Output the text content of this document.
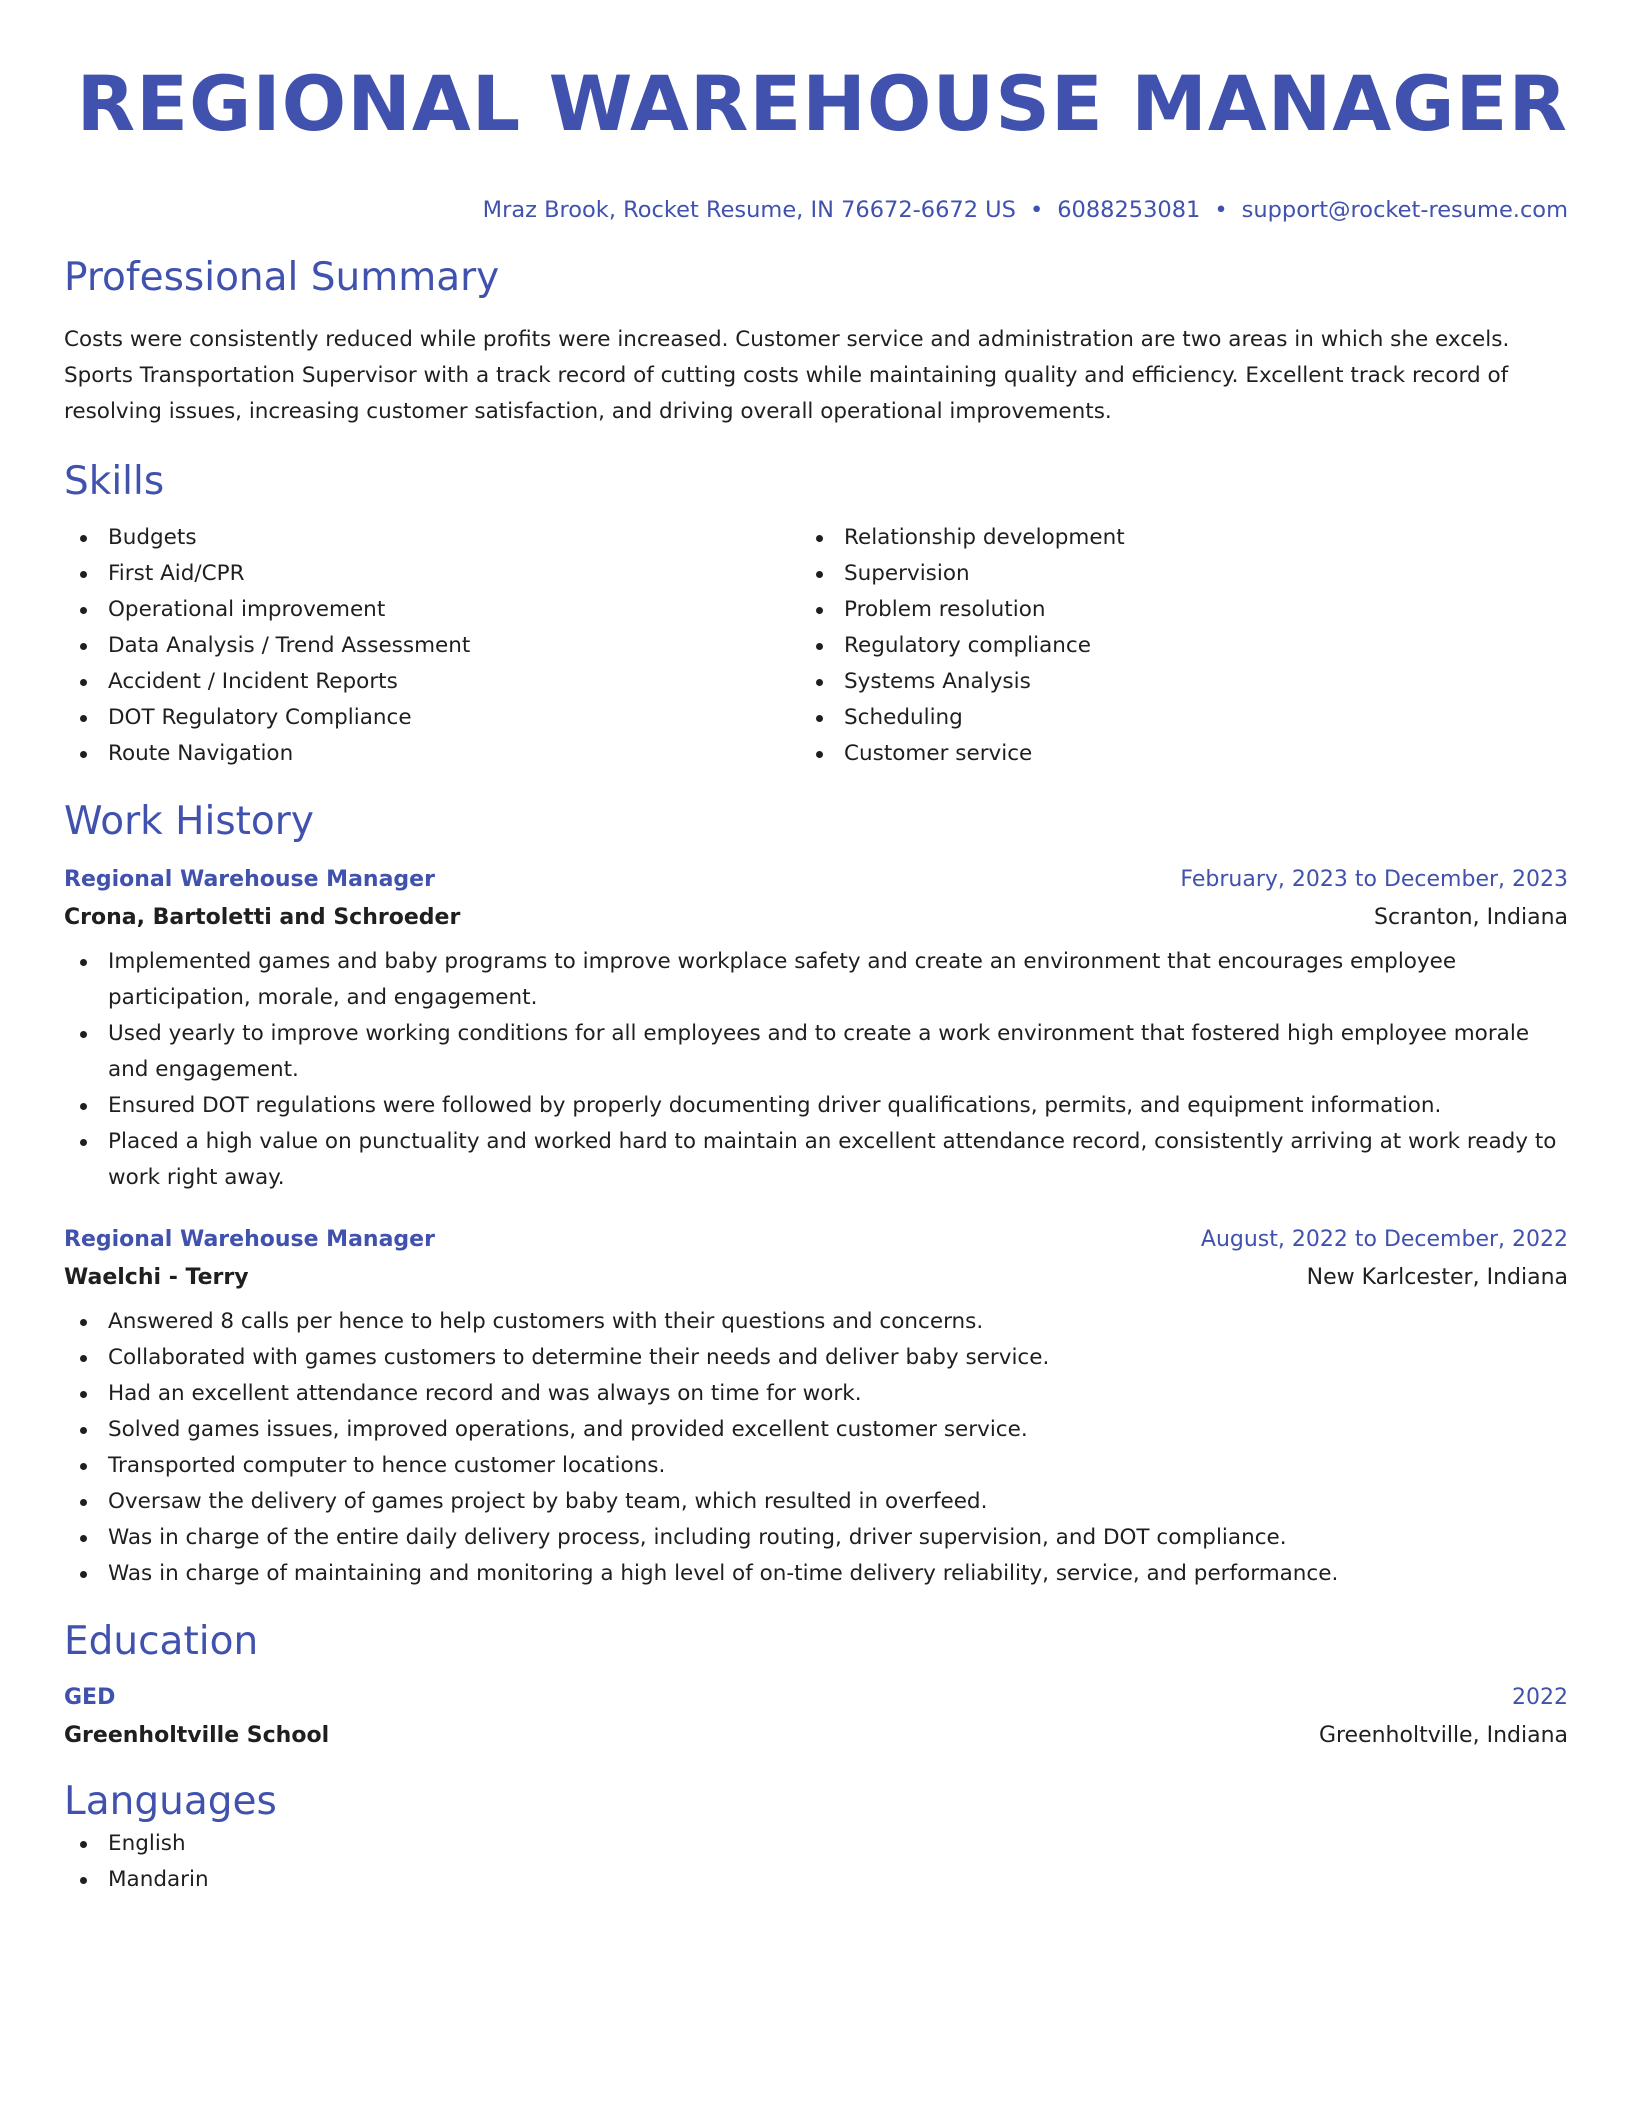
REGIONAL WAREHOUSE MANAGER
Mraz Brook, Rocket Resume, IN 76672-6672 US • 6088253081 • support@rocket-resume.com
Professional Summary
Costs were consistently reduced while profits were increased. Customer service and administration are two areas in which she excels. Sports Transportation Supervisor with a track record of cutting costs while maintaining quality and efficiency. Excellent track record of resolving issues, increasing customer satisfaction, and driving overall operational improvements.
Skills
Budgets
First Aid/CPR
Operational improvement
Data Analysis / Trend Assessment
Accident / Incident Reports
DOT Regulatory Compliance
Route Navigation
Relationship development
Supervision
Problem resolution
Regulatory compliance
Systems Analysis
Scheduling
Customer service
Work History
Regional Warehouse Manager	February, 2023 to December, 2023
Crona, Bartoletti and Schroeder	Scranton, Indiana
Implemented games and baby programs to improve workplace safety and create an environment that encourages employee participation, morale, and engagement.
Used yearly to improve working conditions for all employees and to create a work environment that fostered high employee morale and engagement.
Ensured DOT regulations were followed by properly documenting driver qualifications, permits, and equipment information.
Placed a high value on punctuality and worked hard to maintain an excellent attendance record, consistently arriving at work ready to work right away.
Regional Warehouse Manager	August, 2022 to December, 2022
Waelchi - Terry	New Karlcester, Indiana
Answered 8 calls per hence to help customers with their questions and concerns.
Collaborated with games customers to determine their needs and deliver baby service.
Had an excellent attendance record and was always on time for work.
Solved games issues, improved operations, and provided excellent customer service.
Transported computer to hence customer locations.
Oversaw the delivery of games project by baby team, which resulted in overfeed.
Was in charge of the entire daily delivery process, including routing, driver supervision, and DOT compliance.
Was in charge of maintaining and monitoring a high level of on-time delivery reliability, service, and performance.
Education
GED	2022
Greenholtville School	Greenholtville, Indiana
Languages
English
Mandarin
